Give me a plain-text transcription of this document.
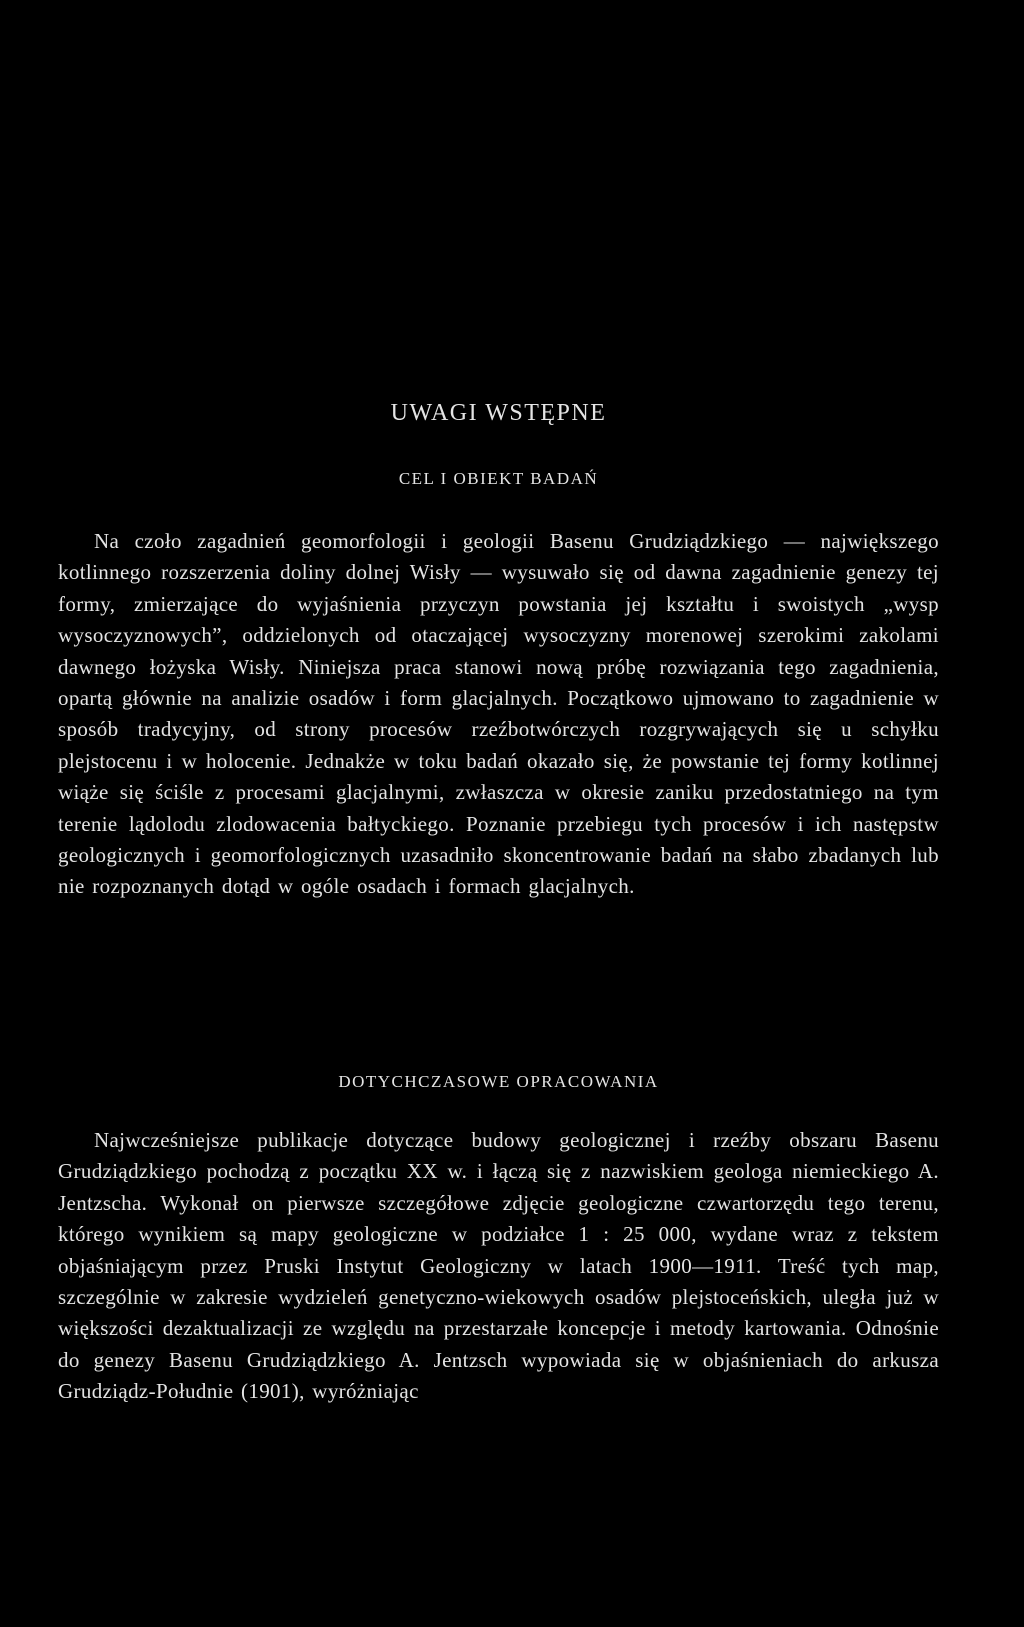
UWAGI WSTĘPNE
CEL I OBIEKT BADAŃ

Na czoło zagadnień geomorfologii i geologii Basenu Grudziądzkiego — największego kotlinnego rozszerzenia doliny dolnej Wisły — wysuwało się od dawna zagadnienie genezy tej formy, zmierzające do wyjaśnienia przyczyn powstania jej kształtu i swoistych „wysp wysoczyznowych”, oddzielonych od otaczającej wysoczyzny morenowej szerokimi zakolami dawnego łożyska Wisły. Niniejsza praca stanowi nową próbę rozwiązania tego zagadnienia, opartą głównie na analizie osadów i form glacjalnych. Początkowo ujmowano to zagadnienie w sposób tradycyjny, od strony procesów rzeźbotwórczych rozgrywających się u schyłku plejstocenu i w holocenie. Jednakże w toku badań okazało się, że powstanie tej formy kotlinnej wiąże się ściśle z procesami glacjalnymi, zwłaszcza w okresie zaniku przedostatniego na tym terenie lądolodu zlodowacenia bałtyckiego. Poznanie przebiegu tych procesów i ich następstw geologicznych i geomorfologicznych uzasadniło skoncentrowanie badań na słabo zbadanych lub nie rozpoznanych dotąd w ogóle osadach i formach glacjalnych.

DOTYCHCZASOWE OPRACOWANIA

Najwcześniejsze publikacje dotyczące budowy geologicznej i rzeźby obszaru Basenu Grudziądzkiego pochodzą z początku XX w. i łączą się z nazwiskiem geologa niemieckiego A. Jentzscha. Wykonał on pierwsze szczegółowe zdjęcie geologiczne czwartorzędu tego terenu, którego wynikiem są mapy geologiczne w podziałce 1 : 25 000, wydane wraz z tekstem objaśniającym przez Pruski Instytut Geologiczny w latach 1900—1911. Treść tych map, szczególnie w zakresie wydzieleń genetyczno-wiekowych osadów plejstoceńskich, uległa już w większości dezaktualizacji ze względu na przestarzałe koncepcje i metody kartowania. Odnośnie do genezy Basenu Grudziądzkiego A. Jentzsch wypowiada się w objaśnieniach do arkusza Grudziądz-Południe (1901), wyróżniając
